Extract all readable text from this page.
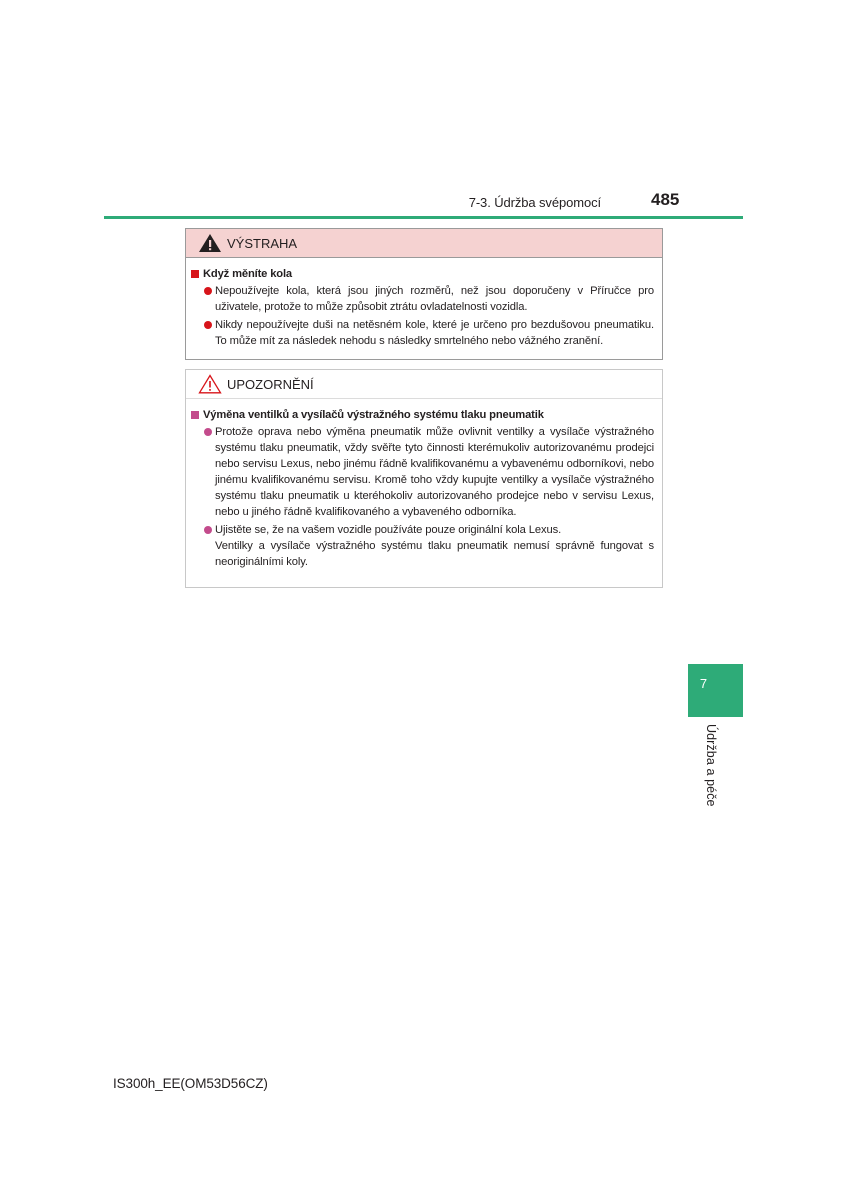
7-3. Údržba svépomocí	485
VÝSTRAHA
Když měníte kola

Nepoužívejte kola, která jsou jiných rozměrů, než jsou doporučeny v Příručce pro uživatele, protože to může způsobit ztrátu ovladatelnosti vozidla.

Nikdy nepoužívejte duši na netěsném kole, které je určeno pro bezdušovou pneumatiku. To může mít za následek nehodu s následky smrtelného nebo vážného zranění.

UPOZORNĚNÍ
Výměna ventilků a vysílačů výstražného systému tlaku pneumatik

Protože oprava nebo výměna pneumatik může ovlivnit ventilky a vysílače výstražného systému tlaku pneumatik, vždy svěřte tyto činnosti kterémukoliv autorizovanému prodejci nebo servisu Lexus, nebo jinému řádně kvalifikovanému a vybavenému odborníkovi, nebo jinému kvalifikovanému servisu. Kromě toho vždy kupujte ventilky a vysílače výstražného systému tlaku pneumatik u kteréhokoliv autorizovaného prodejce nebo v servisu Lexus, nebo u jiného řádně kvalifikovaného a vybaveného odborníka.

Ujistěte se, že na vašem vozidle používáte pouze originální kola Lexus.

Ventilky a vysílače výstražného systému tlaku pneumatik nemusí správně fungovat s neoriginálními koly.

7
Údržba a péče
IS300h_EE(OM53D56CZ)
